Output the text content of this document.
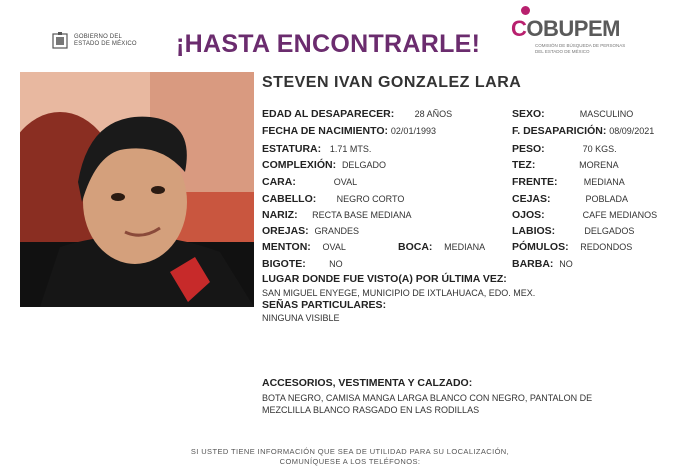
GOBIERNO DEL
ESTADO DE MÉXICO ¡HASTA ENCONTRARLE!
COBUPEM
COMISIÓN DE BÚSQUEDA DE PERSONAS
DEL ESTADO DE MÉXICO
STEVEN IVAN GONZALEZ LARA
EDAD AL DESAPARECER: 28 AÑOS
FECHA DE NACIMIENTO: 02/01/1993
ESTATURA: 1.71 MTS.
COMPLEXIÓN: DELGADO
CARA:	OVAL
CABELLO: NEGRO CORTO
NARIZ: RECTA BASE MEDIANA
OREJAS: GRANDES
MENTON: OVAL	BOCA: MEDIANA
BIGOTE:	NO
SEXO:	MASCULINO
F. DESAPARICIÓN: 08/09/2021
PESO:	70 KGS.
TEZ:	MORENA
FRENTE:	MEDIANA
CEJAS:	POBLADA
OJOS:	CAFE MEDIANOS
LABIOS:	DELGADOS
PÓMULOS: REDONDOS
BARBA: NO
LUGAR DONDE FUE VISTO(A) POR ÚLTIMA VEZ:
SAN MIGUEL ENYEGE, MUNICIPIO DE IXTLAHUACA, EDO. MEX.
SEÑAS PARTICULARES:
NINGUNA VISIBLE
ACCESORIOS, VESTIMENTA Y CALZADO:
BOTA NEGRO, CAMISA MANGA LARGA BLANCO CON NEGRO, PANTALON DE
MEZCLILLA BLANCO RASGADO EN LAS RODILLAS
SI USTED TIENE INFORMACIÓN QUE SEA DE UTILIDAD PARA SU LOCALIZACIÓN,
COMUNÍQUESE A LOS TELÉFONOS:
